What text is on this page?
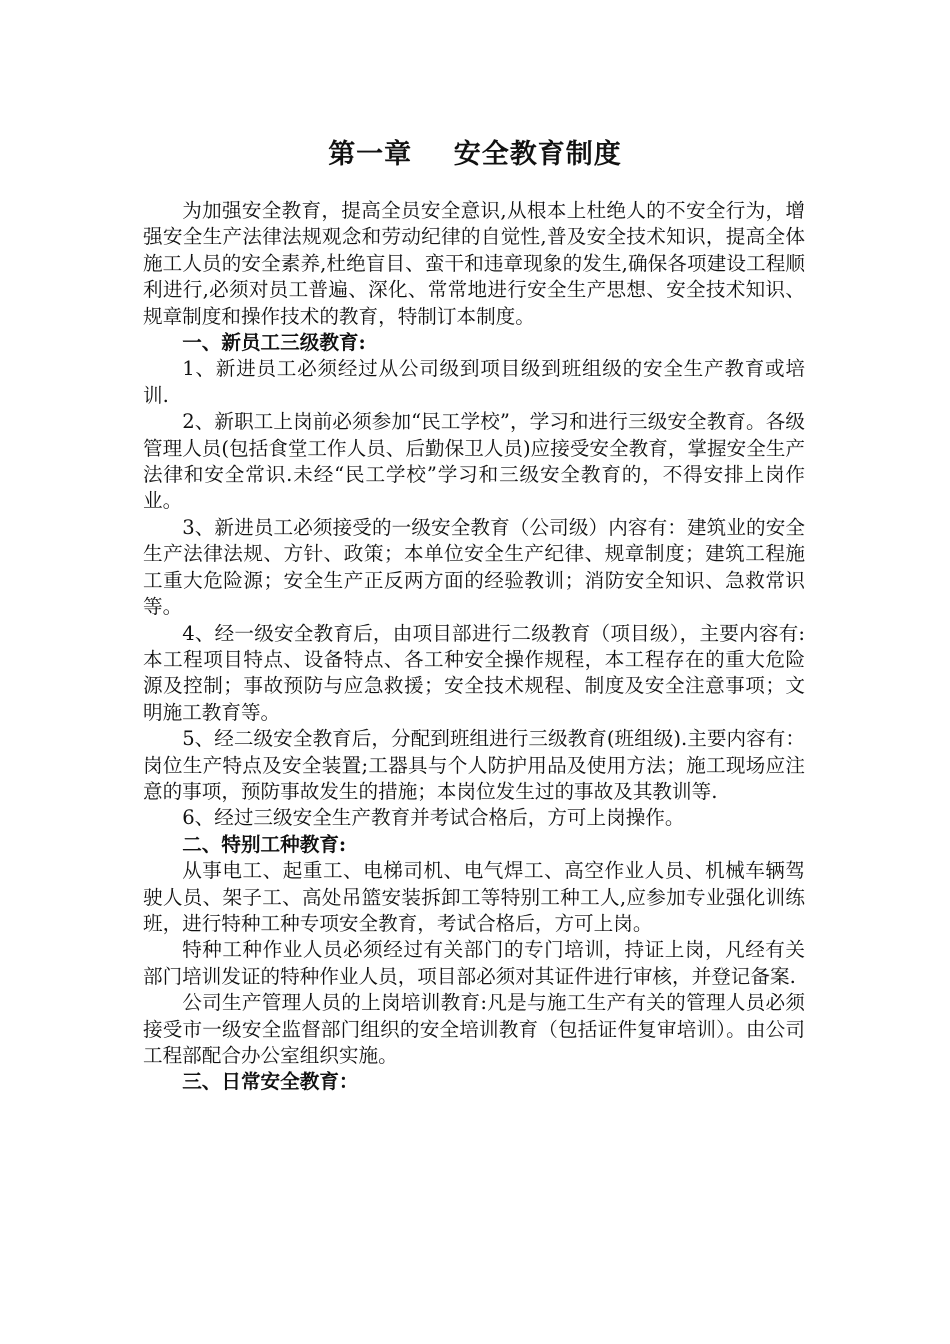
第一章    安全教育制度

为加强安全教育，提高全员安全意识,从根本上杜绝人的不安全行为，增强安全生产法律法规观念和劳动纪律的自觉性,普及安全技术知识，提高全体施工人员的安全素养,杜绝盲目、蛮干和违章现象的发生,确保各项建设工程顺利进行,必须对员工普遍、深化、常常地进行安全生产思想、安全技术知识、规章制度和操作技术的教育，特制订本制度。

一、新员工三级教育:

1、新进员工必须经过从公司级到项目级到班组级的安全生产教育或培训.

2、新职工上岗前必须参加“民工学校”，学习和进行三级安全教育。各级管理人员(包括食堂工作人员、后勤保卫人员)应接受安全教育，掌握安全生产法律和安全常识.未经“民工学校”学习和三级安全教育的，不得安排上岗作业。

3、新进员工必须接受的一级安全教育（公司级）内容有：建筑业的安全生产法律法规、方针、政策；本单位安全生产纪律、规章制度；建筑工程施工重大危险源；安全生产正反两方面的经验教训；消防安全知识、急救常识等。

4、经一级安全教育后，由项目部进行二级教育（项目级），主要内容有:本工程项目特点、设备特点、各工种安全操作规程，本工程存在的重大危险源及控制；事故预防与应急救援；安全技术规程、制度及安全注意事项；文明施工教育等。

5、经二级安全教育后，分配到班组进行三级教育(班组级).主要内容有：岗位生产特点及安全装置;工器具与个人防护用品及使用方法；施工现场应注意的事项，预防事故发生的措施；本岗位发生过的事故及其教训等.

6、经过三级安全生产教育并考试合格后，方可上岗操作。

二、特别工种教育:

从事电工、起重工、电梯司机、电气焊工、高空作业人员、机械车辆驾驶人员、架子工、高处吊篮安装拆卸工等特别工种工人,应参加专业强化训练班，进行特种工种专项安全教育，考试合格后，方可上岗。

特种工种作业人员必须经过有关部门的专门培训，持证上岗，凡经有关部门培训发证的特种作业人员，项目部必须对其证件进行审核，并登记备案.

公司生产管理人员的上岗培训教育:凡是与施工生产有关的管理人员必须接受市一级安全监督部门组织的安全培训教育（包括证件复审培训）。由公司工程部配合办公室组织实施。

三、日常安全教育：
